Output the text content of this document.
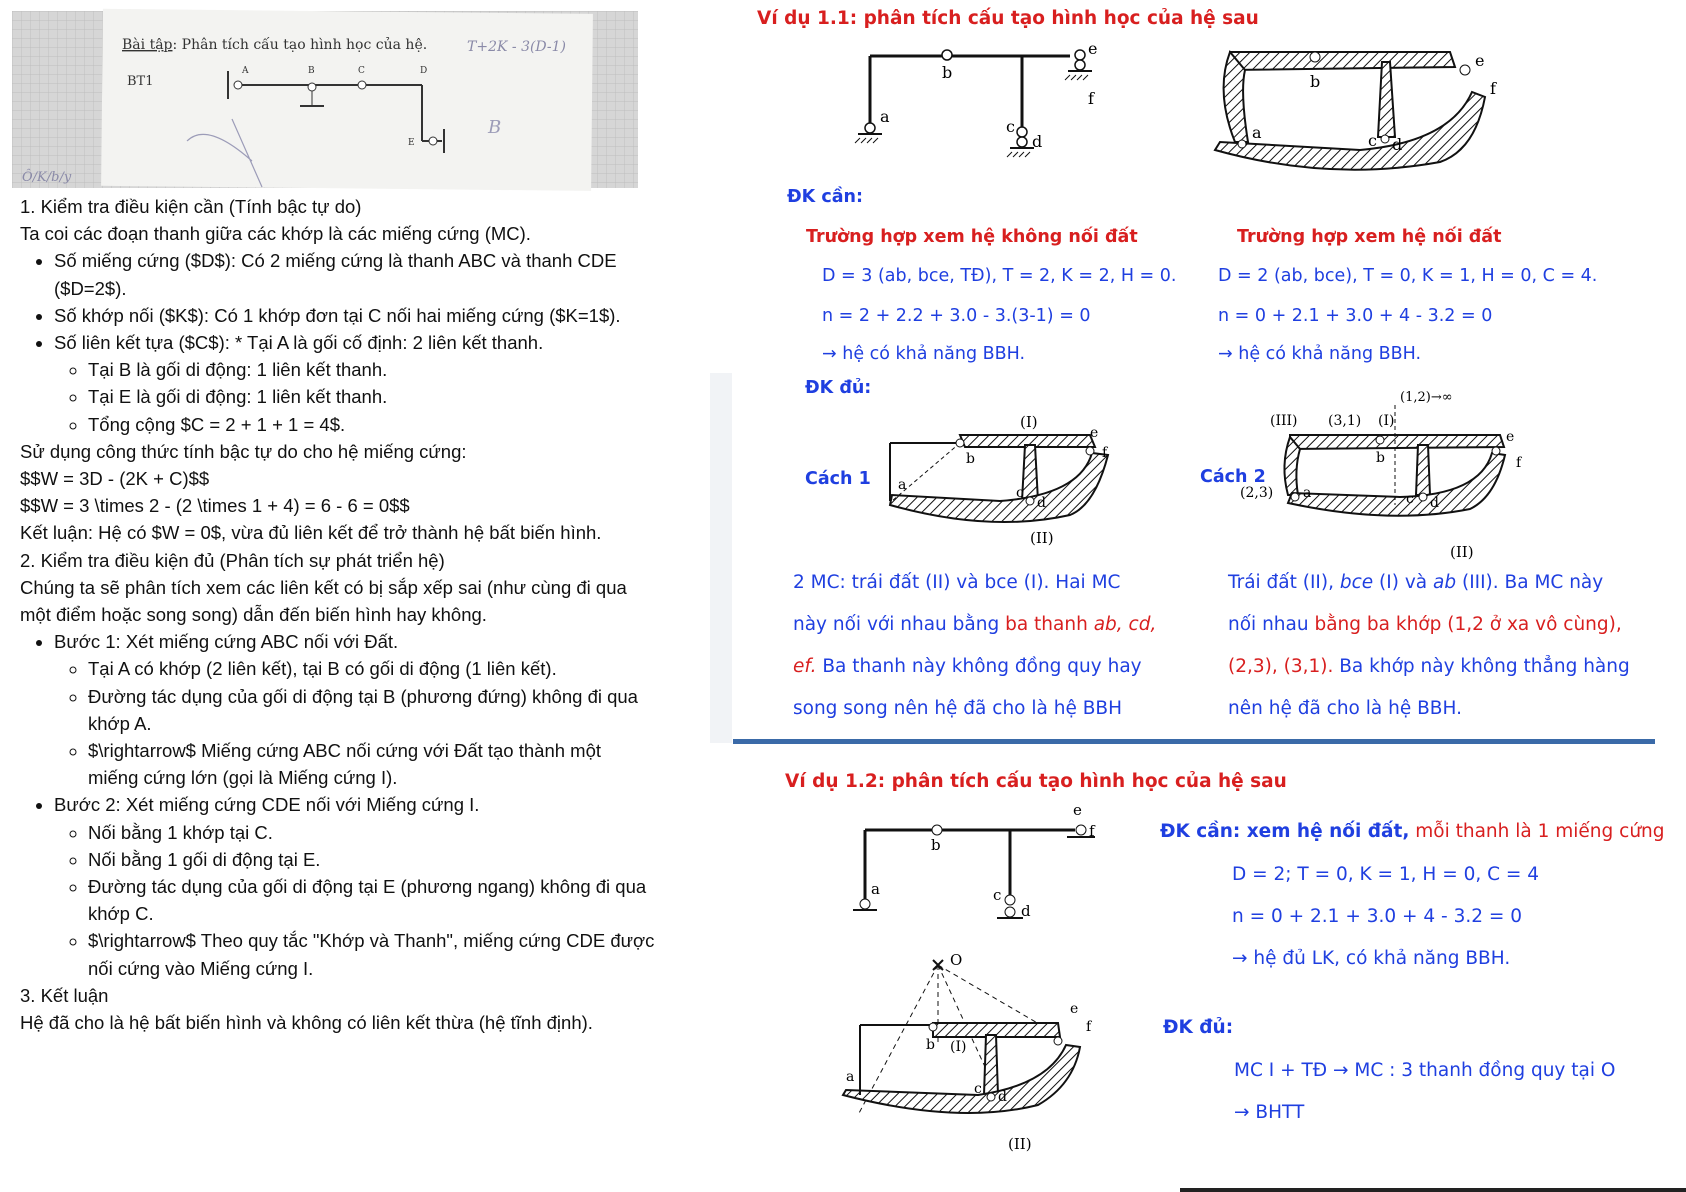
Bài tập: Phân tích cấu tạo hình học của hệ.	T+2K - 3(D-1)
BT1
A	B	C	D
E
B
Ô/K/b/y

1. Kiểm tra điều kiện cần (Tính bậc tự do)

Ta coi các đoạn thanh giữa các khớp là các miếng cứng (MC).

• Số miếng cứng ($D$): Có 2 miếng cứng là thanh ABC và thanh CDE ($D=2$).
• Số khớp nối ($K$): Có 1 khớp đơn tại C nối hai miếng cứng ($K=1$).
• Số liên kết tựa ($C$): * Tại A là gối cố định: 2 liên kết thanh.
◦ Tại B là gối di động: 1 liên kết thanh.
◦ Tại E là gối di động: 1 liên kết thanh.
◦ Tổng cộng $C = 2 + 1 + 1 = 4$.

Sử dụng công thức tính bậc tự do cho hệ miếng cứng:

$$W = 3D - (2K + C)$$

$$W = 3 \times 2 - (2 \times 1 + 4) = 6 - 6 = 0$$

Kết luận: Hệ có $W = 0$, vừa đủ liên kết để trở thành hệ bất biến hình.

2. Kiểm tra điều kiện đủ (Phân tích sự phát triển hệ)

Chúng ta sẽ phân tích xem các liên kết có bị sắp xếp sai (như cùng đi qua một điểm hoặc song song) dẫn đến biến hình hay không.

• Bước 1: Xét miếng cứng ABC nối với Đất.
◦ Tại A có khớp (2 liên kết), tại B có gối di động (1 liên kết).
◦ Đường tác dụng của gối di động tại B (phương đứng) không đi qua khớp A.
◦ $\rightarrow$ Miếng cứng ABC nối cứng với Đất tạo thành một miếng cứng lớn (gọi là Miếng cứng I).
• Bước 2: Xét miếng cứng CDE nối với Miếng cứng I.
◦ Nối bằng 1 khớp tại C.
◦ Nối bằng 1 gối di động tại E.
◦ Đường tác dụng của gối di động tại E (phương ngang) không đi qua khớp C.
◦ $\rightarrow$ Theo quy tắc "Khớp và Thanh", miếng cứng CDE được nối cứng vào Miếng cứng I.

3. Kết luận

Hệ đã cho là hệ bất biến hình và không có liên kết thừa (hệ tĩnh định).

Ví dụ 1.1: phân tích cấu tạo hình học của hệ sau
a
b
c
d
e
f
b
a	c d
e
f
ĐK cần:
Trường hợp xem hệ không nối đất
D = 3 (ab, bce, TĐ), T = 2, K = 2, H = 0.
n = 2 + 2.2 + 3.0 - 3.(3-1) = 0
→ hệ có khả năng BBH.
Trường hợp xem hệ nối đất
D = 2 (ab, bce), T = 0, K = 1, H = 0, C = 4.
n = 0 + 2.1 + 3.0 + 4 - 3.2 = 0
→ hệ có khả năng BBH.
ĐK đủ:
Cách 1	Cách 2
(I)
b
a	c
d
e
f
(II)
(1,2)→∞
(III) (3,1) (I)
b
e
f
(2,3) a	c d
(II)
2 MC: trái đất (II) và bce (I). Hai MC
này nối với nhau bằng ba thanh ab, cd,
ef. Ba thanh này không đồng quy hay
song song nên hệ đã cho là hệ BBH
Trái đất (II), bce (I) và ab (III). Ba MC này
nối nhau bằng ba khớp (1,2 ở xa vô cùng),
(2,3), (3,1). Ba khớp này không thẳng hàng
nên hệ đã cho là hệ BBH.
Ví dụ 1.2: phân tích cấu tạo hình học của hệ sau
a
b
c
d
e
f
O
b (I)
a
c d
e
f
(II)
ĐK cần: xem hệ nối đất, mỗi thanh là 1 miếng cứng
D = 2; T = 0, K = 1, H = 0, C = 4
n = 0 + 2.1 + 3.0 + 4 - 3.2 = 0
→ hệ đủ LK, có khả năng BBH.
ĐK đủ:
MC I + TĐ → MC : 3 thanh đồng quy tại O
→ BHTT
